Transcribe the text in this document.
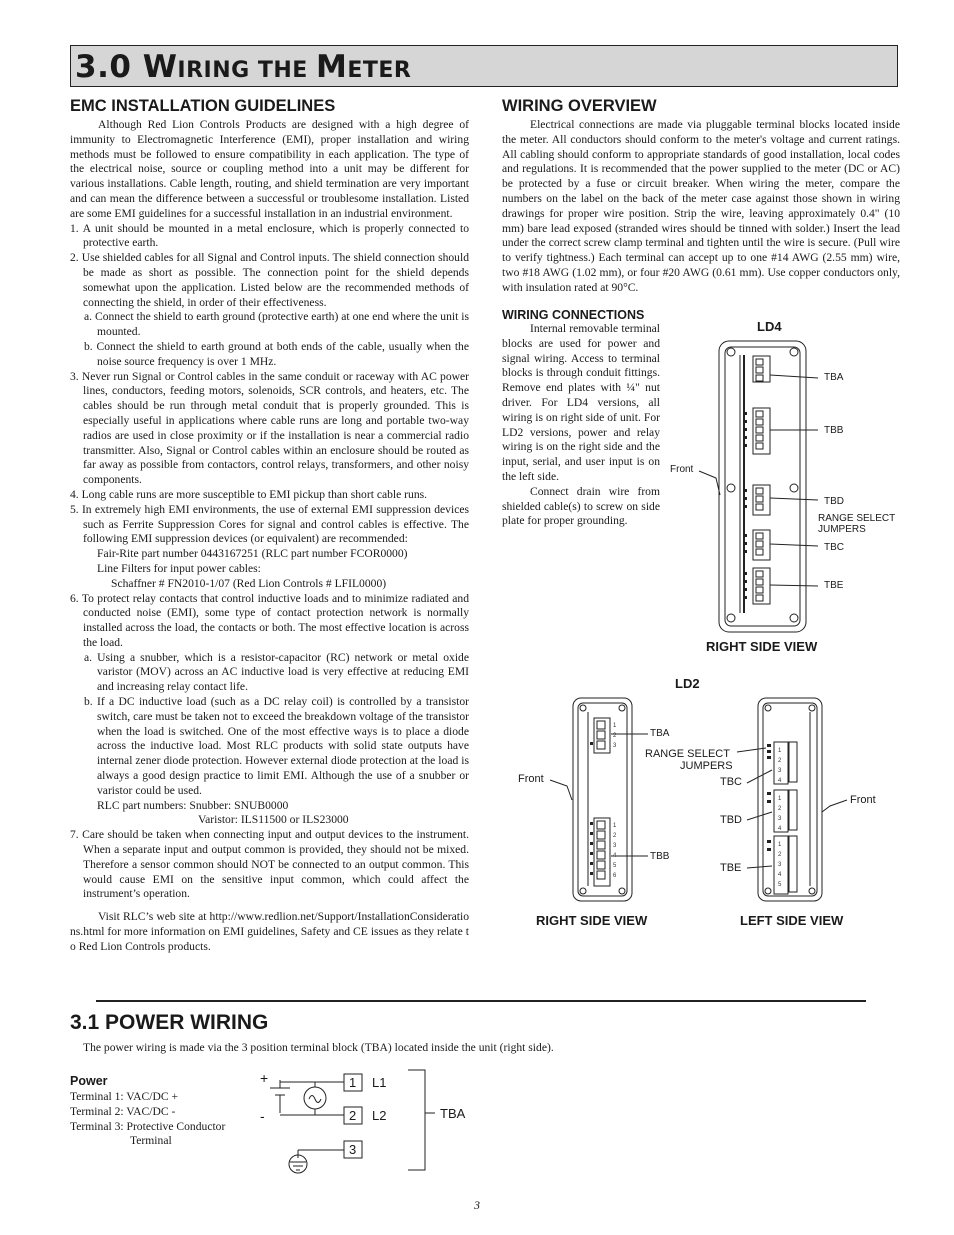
3.0 WIRING THE METER
EMC INSTALLATION GUIDELINES

Although Red Lion Controls Products are designed with a high degree of immunity to Electromagnetic Interference (EMI), proper installation and wiring methods must be followed to ensure compatibility in each application. The type of the electrical noise, source or coupling method into a unit may be different for various installations. Cable length, routing, and shield termination are very important and can mean the difference between a successful or troublesome installation. Listed are some EMI guidelines for a successful installation in an industrial environment.

1. A unit should be mounted in a metal enclosure, which is properly connected to protective earth.

2. Use shielded cables for all Signal and Control inputs. The shield connection should be made as short as possible. The connection point for the shield depends somewhat upon the application. Listed below are the recommended methods of connecting the shield, in order of their effectiveness.

a. Connect the shield to earth ground (protective earth) at one end where the unit is mounted.

b. Connect the shield to earth ground at both ends of the cable, usually when the noise source frequency is over 1 MHz.

3. Never run Signal or Control cables in the same conduit or raceway with AC power lines, conductors, feeding motors, solenoids, SCR controls, and heaters, etc. The cables should be run through metal conduit that is properly grounded. This is especially useful in applications where cable runs are long and portable two-way radios are used in close proximity or if the installation is near a commercial radio transmitter. Also, Signal or Control cables within an enclosure should be routed as far away as possible from contactors, control relays, transformers, and other noisy components.

4. Long cable runs are more susceptible to EMI pickup than short cable runs.

5. In extremely high EMI environments, the use of external EMI suppression devices such as Ferrite Suppression Cores for signal and control cables is effective. The following EMI suppression devices (or equivalent) are recommended:

Fair-Rite part number 0443167251 (RLC part number FCOR0000)

Line Filters for input power cables:

Schaffner # FN2010-1/07 (Red Lion Controls # LFIL0000)

6. To protect relay contacts that control inductive loads and to minimize radiated and conducted noise (EMI), some type of contact protection network is normally installed across the load, the contacts or both. The most effective location is across the load.

a. Using a snubber, which is a resistor-capacitor (RC) network or metal oxide varistor (MOV) across an AC inductive load is very effective at reducing EMI and increasing relay contact life.

b. If a DC inductive load (such as a DC relay coil) is controlled by a transistor switch, care must be taken not to exceed the breakdown voltage of the transistor when the load is switched. One of the most effective ways is to place a diode across the inductive load. Most RLC products with solid state outputs have internal zener diode protection. However external diode protection at the load is always a good design practice to limit EMI. Although the use of a snubber or varistor could be used.

RLC part numbers: Snubber: SNUB0000

Varistor: ILS11500 or ILS23000

7. Care should be taken when connecting input and output devices to the instrument. When a separate input and output common is provided, they should not be mixed. Therefore a sensor common should NOT be connected to an output common. This would cause EMI on the sensitive input common, which could affect the instrument’s operation.

Visit RLC’s web site at http://www.redlion.net/Support/InstallationConsiderations.html for more information on EMI guidelines, Safety and CE issues as they relate to Red Lion Controls products.

WIRING OVERVIEW

Electrical connections are made via pluggable terminal blocks located inside the meter. All conductors should conform to the meter's voltage and current ratings. All cabling should conform to appropriate standards of good installation, local codes and regulations. It is recommended that the power supplied to the meter (DC or AC) be protected by a fuse or circuit breaker. When wiring the meter, compare the numbers on the label on the back of the meter case against those shown in wiring drawings for proper wire position. Strip the wire, leaving approximately 0.4" (10 mm) bare lead exposed (stranded wires should be tinned with solder.) Insert the lead under the correct screw clamp terminal and tighten until the wire is secure. (Pull wire to verify tightness.) Each terminal can accept up to one #14 AWG (2.55 mm) wire, two #18 AWG (1.02 mm), or four #20 AWG (0.61 mm). Use copper conductors only, with insulation rated at 90°C.

WIRING CONNECTIONS

Internal removable terminal blocks are used for power and signal wiring. Access to terminal blocks is through conduit fittings. Remove end plates with ¼" nut driver. For LD4 versions, all wiring is on right side of unit. For LD2 versions, power and relay wiring is on the right side and the input, serial, and user input is on the left side.

Connect drain wire from shielded cable(s) to screw on side plate for proper grounding.

LD4
TBA
TBB
Front
TBD
RANGE SELECT
JUMPERS
TBC
TBE
RIGHT SIDE VIEW
LD2
1
2
3
1
2
3
4
5
6
1
2
3
4
1
2
3
4
1
2
3
4
5
TBA
RANGE SELECT
JUMPERS
Front	TBC
Front
TBD
TBB
TBE
RIGHT SIDE VIEW	LEFT SIDE VIEW
3.1 POWER WIRING

The power wiring is made via the 3 position terminal block (TBA) located inside the unit (right side).

Power

Terminal 1: VAC/DC +

Terminal 2: VAC/DC -

Terminal 3: Protective Conductor

Terminal

+
-
1
2
3
L1
L2	TBA
3
